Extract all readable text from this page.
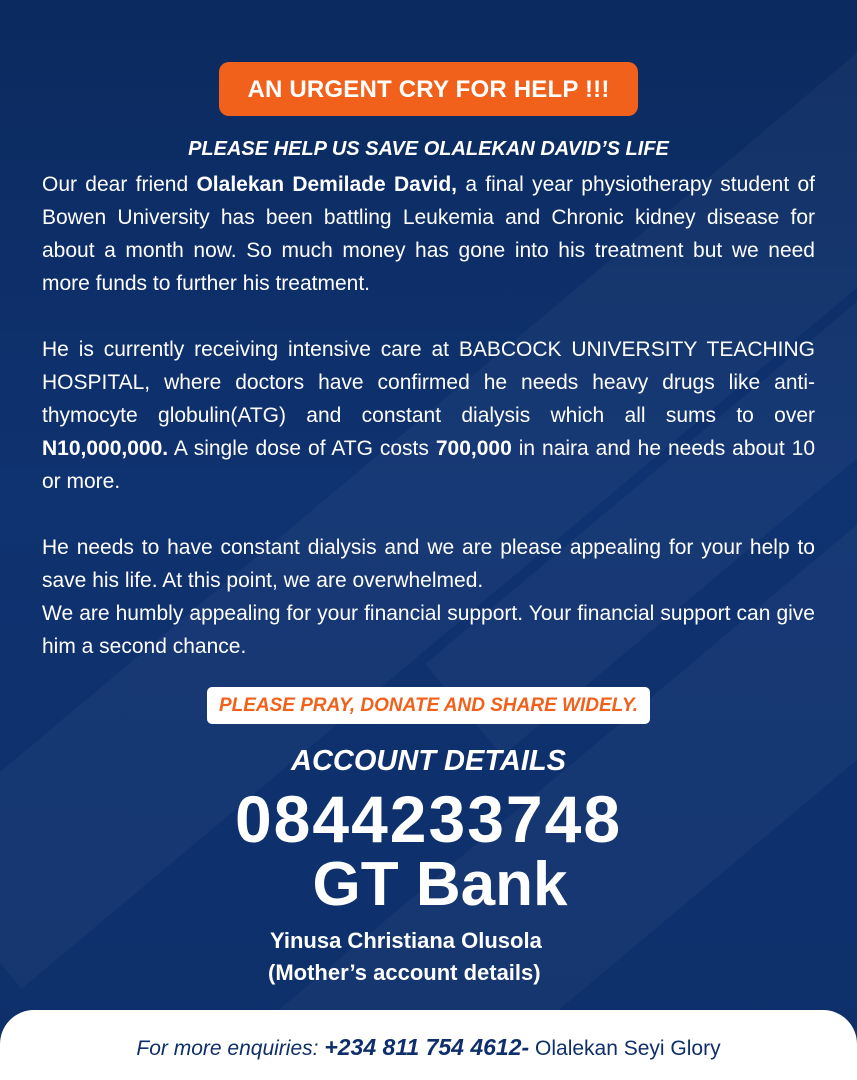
AN URGENT CRY FOR HELP !!!
PLEASE HELP US SAVE OLALEKAN DAVID’S LIFE

Our dear friend Olalekan Demilade David, a final year physiotherapy student of Bowen University has been battling Leukemia and Chronic kidney disease for about a month now. So much money has gone into his treatment but we need more funds to further his treatment.

He is currently receiving intensive care at BABCOCK UNIVERSITY TEACHING HOSPITAL, where doctors have confirmed he needs heavy drugs like anti-thymocyte globulin(ATG) and constant dialysis which all sums to over N10,000,000. A single dose of ATG costs 700,000 in naira and he needs about 10 or more.

He needs to have constant dialysis and we are please appealing for your help to save his life. At this point, we are overwhelmed.

We are humbly appealing for your financial support. Your financial support can give him a second chance.

PLEASE PRAY, DONATE AND SHARE WIDELY.
ACCOUNT DETAILS
0844233748
GT Bank
Yinusa Christiana Olusola
(Mother’s account details)
For more enquiries: +234 811 754 4612- Olalekan Seyi Glory
